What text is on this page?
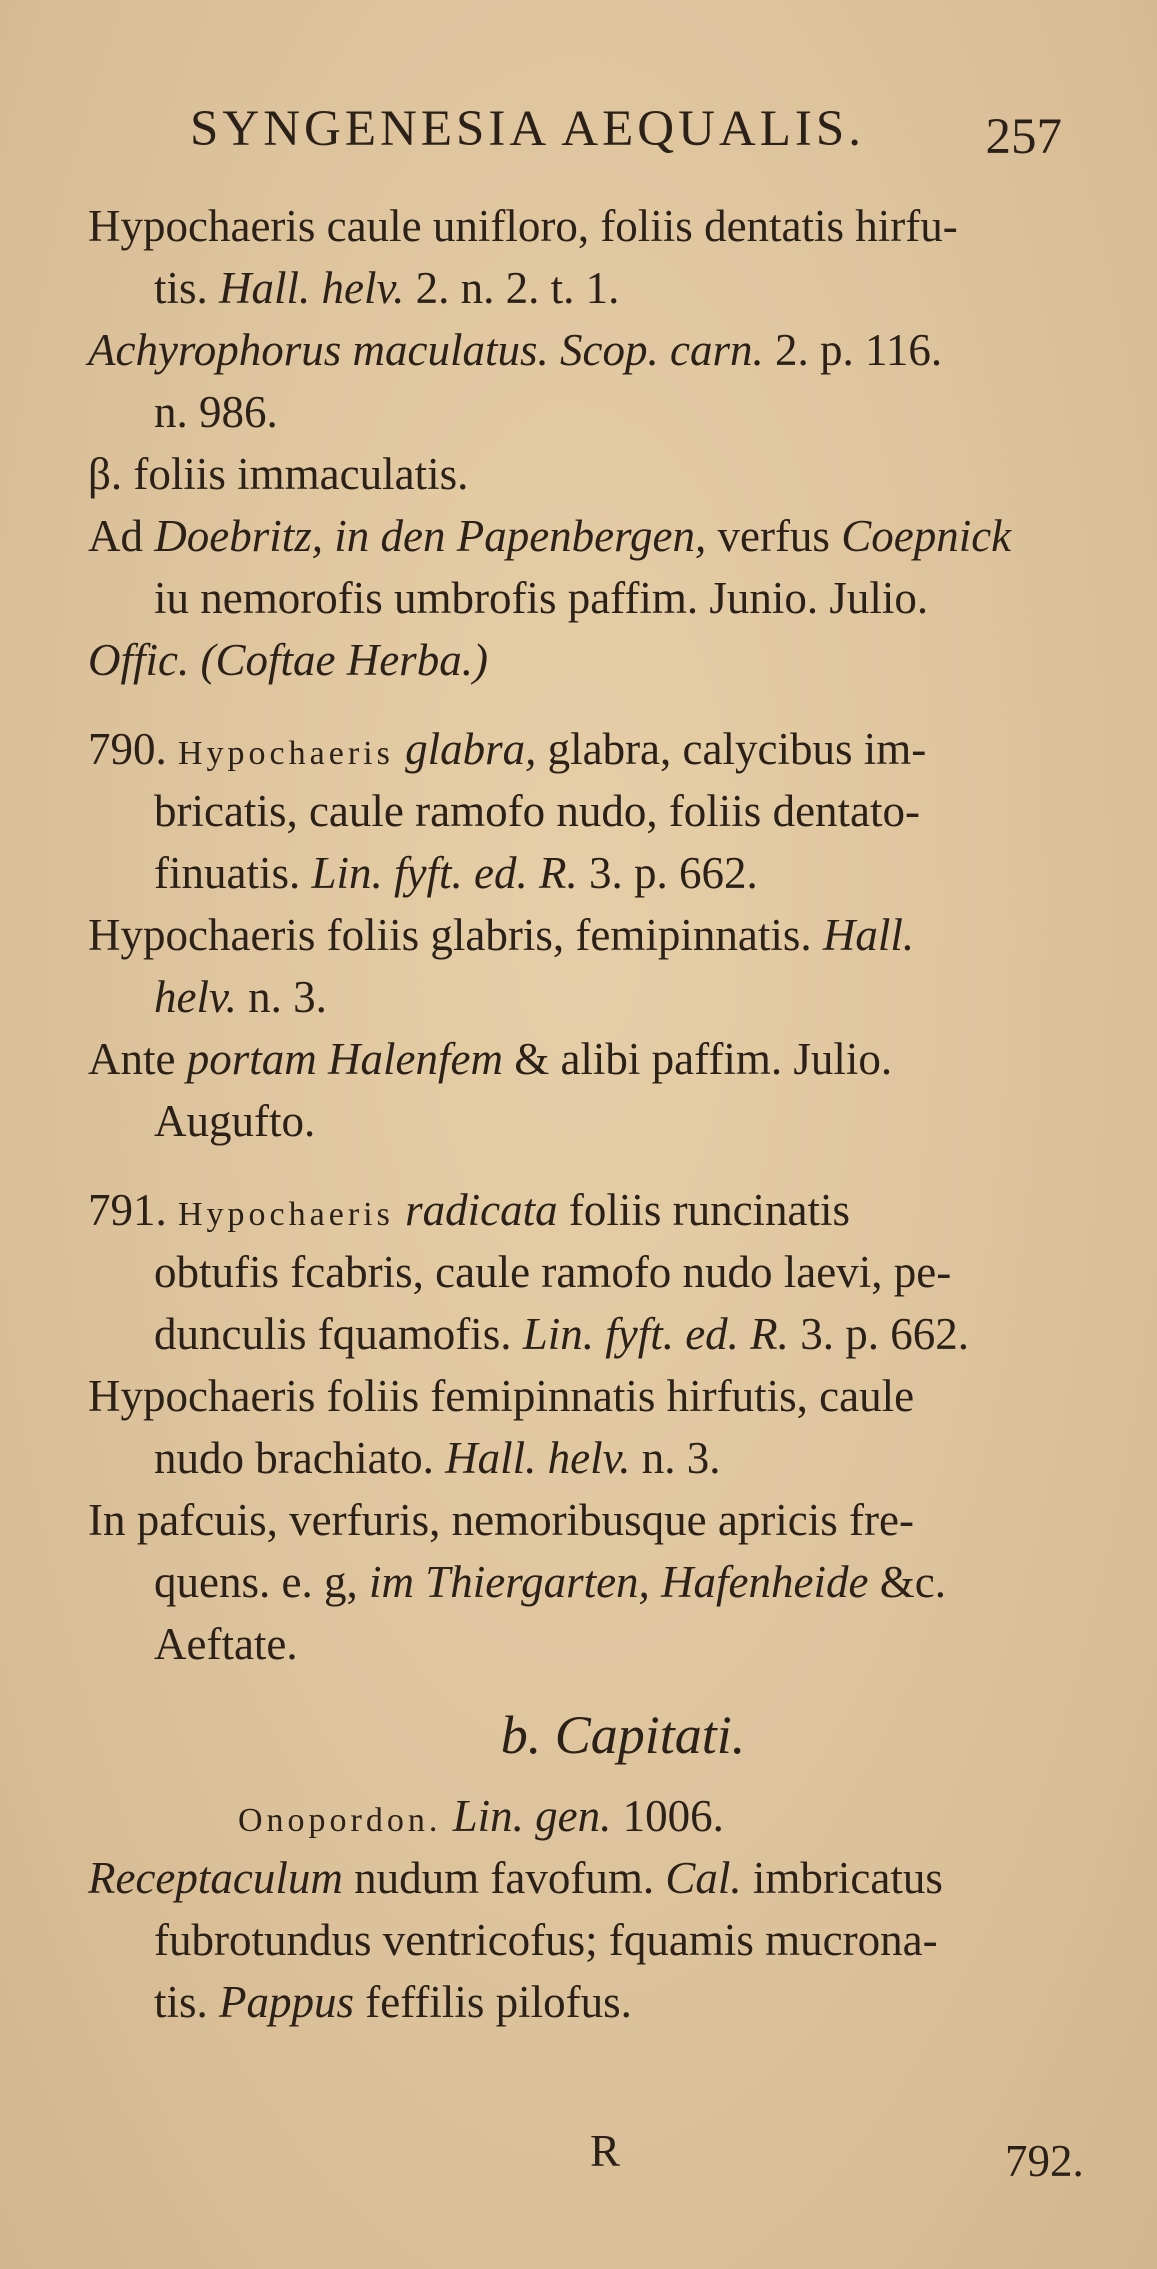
SYNGENESIA AEQUALIS. 257
Hypochaeris caule unifloro, foliis dentatis hirfu-
tis. Hall. helv. 2. n. 2. t. 1.
Achyrophorus maculatus. Scop. carn. 2. p. 116.
n. 986.
β. foliis immaculatis.
Ad Doebritz, in den Papenbergen, verfus Coepnick
iu nemorofis umbrofis paffim. Junio. Julio.
Offic. (Coftae Herba.)
790. Hypochaeris glabra, glabra, calycibus im-
bricatis, caule ramofo nudo, foliis dentato-
finuatis. Lin. fyft. ed. R. 3. p. 662.
Hypochaeris foliis glabris, femipinnatis. Hall.
helv. n. 3.
Ante portam Halenfem & alibi paffim. Julio.
Augufto.
791. Hypochaeris radicata foliis runcinatis
obtufis fcabris, caule ramofo nudo laevi, pe-
dunculis fquamofis. Lin. fyft. ed. R. 3. p. 662.
Hypochaeris foliis femipinnatis hirfutis, caule
nudo brachiato. Hall. helv. n. 3.
In pafcuis, verfuris, nemoribusque apricis fre-
quens. e. g, im Thiergarten, Hafenheide &c.
Aeftate.
b. Capitati.
Onopordon. Lin. gen. 1006.
Receptaculum nudum favofum. Cal. imbricatus
fubrotundus ventricofus; fquamis mucrona-
tis. Pappus feffilis pilofus.
R	792.
